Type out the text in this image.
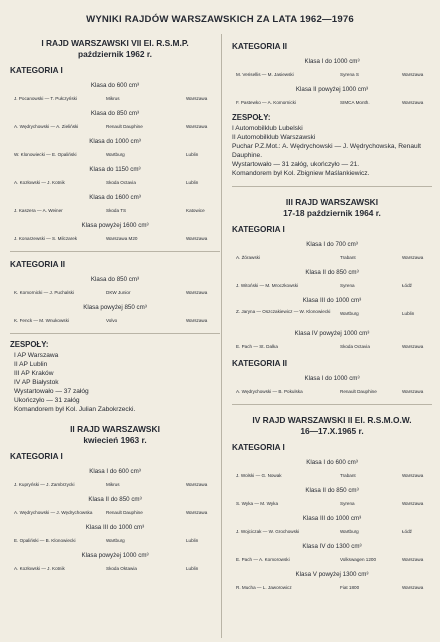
WYNIKI RAJDÓW WARSZAWSKICH ZA LATA 1962—1976
I RAJD WARSZAWSKI VII El. R.S.M.P.
październik 1962 r.
KATEGORIA I
Klasa do 600 cm³
J. Pocanowski — T. Pułczyński	Mikrus	Warszawa
Klasa do 850 cm³
A. Wędrychowski — A. Zieliński	Renault Dauphine	Warszawa
Klasa do 1000 cm³
W. Klonowiecki — E. Opaliński	Wartburg	Lublin
Klasa do 1150 cm³
A. Kozłowski — J. Kotnik	Skoda Octavia	Lublin
Klasa do 1600 cm³
J. Kaszera — A. Weiner	Skoda TS	Katowice
Klasa powyżej 1600 cm³
J. Konarzewski — S. Milczarek	Warszawa M20	Warszawa
KATEGORIA II
Klasa do 850 cm³
K. Komornicki — J. Puchalski	DKW Junior	Warszawa
Klasa powyżej 850 cm³
K. Fenck — M. Wnukowski	Volvo	Warszawa
ZESPOŁY:
I AP Warszawa
II AP Lublin
III AP Kraków
IV AP Białystok
Wystartowało — 37 załóg
Ukończyło — 31 załóg
Komandorem był Kol. Julian Zabokrzecki.
II RAJD WARSZAWSKI
kwiecień 1963 r.
KATEGORIA I
Klasa I do 600 cm³
J. Kupryński — J. Zambrzycki	Mikrus	Warszawa
Klasa II do 850 cm³
A. Wędrychowski — J. Wędrychowska	Renault Dauphine	Warszawa
Klasa III do 1000 cm³
E. Opaliński — B. Klonowiecki	Wartburg	Lublin
Klasa powyżej 1000 cm³
A. Kozłowski — J. Kotnik	Skoda Oktawia	Lublin
KATEGORIA II
Klasa I do 1000 cm³
M. Verisellis — M. Jasiewski	Syrena S	Warszawa
Klasa II powyżej 1000 cm³
F. Pastewko — A. Komornicki	SIMCA Month.	Warszawa
ZESPOŁY:
I Automobilklub Lubelski
II Automobilklub Warszawski
Puchar P.Z.Mot.: A. Wędrychowski — J. Wędrychowska, Renault Dauphine.
Wystartowało — 31 załóg, ukończyło — 21.
Komandorem był Kol. Zbigniew Maślankiewicz.
III RAJD WARSZAWSKI
17-18 październik 1964 r.
KATEGORIA I
Klasa I do 700 cm³
A. Żórawski	Trabant	Warszawa
Klasa II do 850 cm³
J. Witoński — M. Mroczkowski	Syrena	Łódź
Klasa III do 1000 cm³
Z. Jaryna — Oszczakiewicz — W. Klonowiecki	Wartburg	Lublin
Klasa IV powyżej 1000 cm³
E. Pach — St. Dalka	Skoda Octavia	Warszawa
KATEGORIA II
Klasa I do 1000 cm³
A. Wędrychowski — B. Pokulska	Renault Dauphine	Warszawa
IV RAJD WARSZAWSKI II El. R.S.M.O.W.
16—17.X.1965 r.
KATEGORIA I
Klasa I do 600 cm³
J. Wolski — G. Nowak	Trabant	Warszawa
Klasa II do 850 cm³
S. Wyka — M. Wyka	Syrena	Warszawa
Klasa III do 1000 cm³
J. Wojciczak — W. Grochowski	Wartburg	Łódź
Klasa IV do 1300 cm³
E. Pach — A. Komorowski	Volkswagen 1200	Warszawa
Klasa V powyżej 1300 cm³
R. Mucha — L. Jaworowicz	Fiat 1800	Warszawa
